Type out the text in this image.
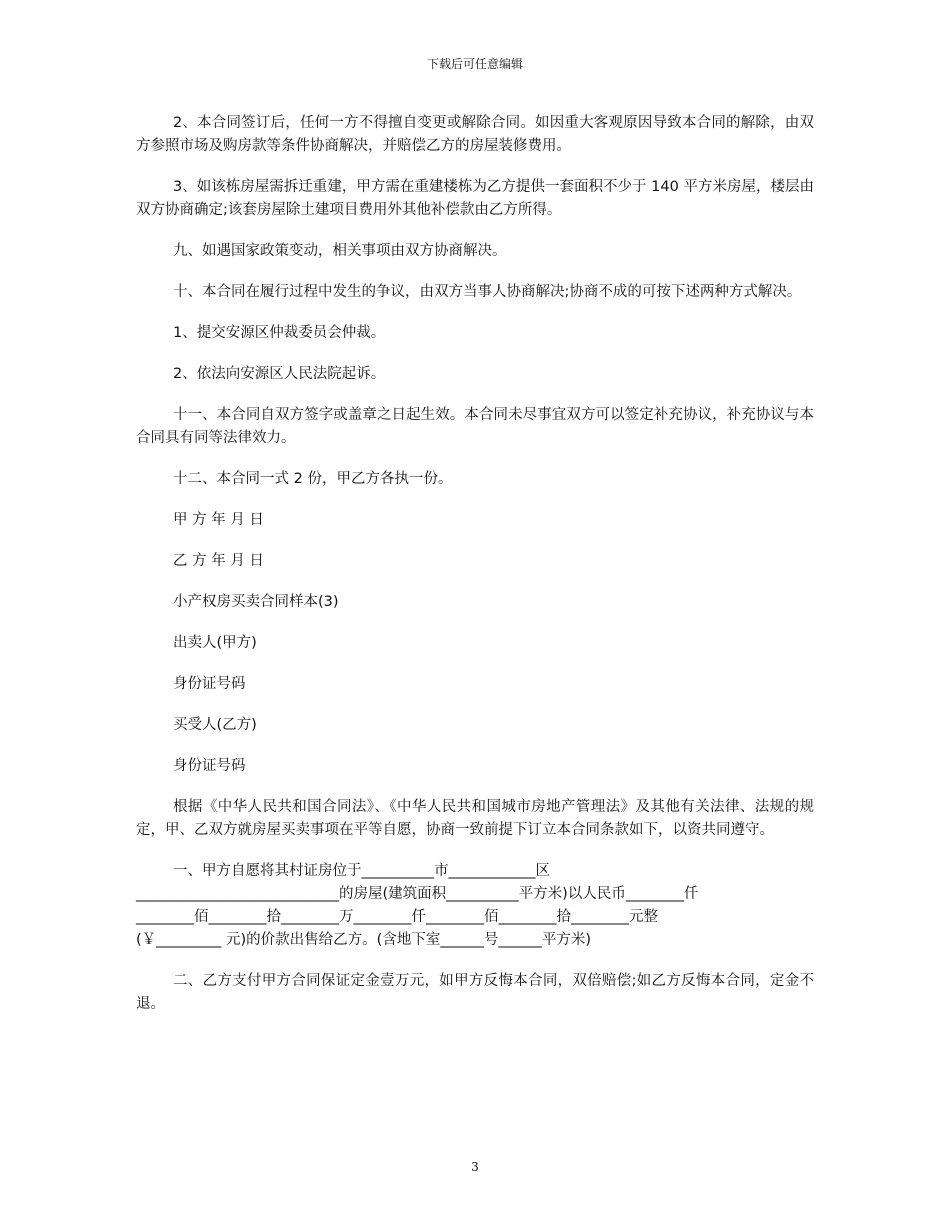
下载后可任意编辑

2、本合同签订后，任何一方不得擅自变更或解除合同。如因重大客观原因导致本合同的解除，由双方参照市场及购房款等条件协商解决，并赔偿乙方的房屋装修费用。

3、如该栋房屋需拆迁重建，甲方需在重建楼栋为乙方提供一套面积不少于 140 平方米房屋，楼层由双方协商确定;该套房屋除土建项目费用外其他补偿款由乙方所得。

九、如遇国家政策变动，相关事项由双方协商解决。

十、本合同在履行过程中发生的争议，由双方当事人协商解决;协商不成的可按下述两种方式解决。

1、提交安源区仲裁委员会仲裁。

2、依法向安源区人民法院起诉。

十一、本合同自双方签字或盖章之日起生效。本合同未尽事宜双方可以签定补充协议，补充协议与本合同具有同等法律效力。

十二、本合同一式 2 份，甲乙方各执一份。

甲 方 年 月 日

乙 方 年 月 日

小产权房买卖合同样本(3)

出卖人(甲方)

身份证号码

买受人(乙方)

身份证号码

根据《中华人民共和国合同法》、《中华人民共和国城市房地产管理法》及其他有关法律、法规的规定，甲、乙双方就房屋买卖事项在平等自愿，协商一致前提下订立本合同条款如下，以资共同遵守。

一、甲方自愿将其村证房位于__________市____________区
____________________________的房屋(建筑面积__________平方米)以人民币________仟
________佰________拾________万________仟________佰________拾________元整
(￥_________ 元)的价款出售给乙方。(含地下室______号______平方米)

二、乙方支付甲方合同保证定金壹万元，如甲方反悔本合同，双倍赔偿;如乙方反悔本合同，定金不退。

3
